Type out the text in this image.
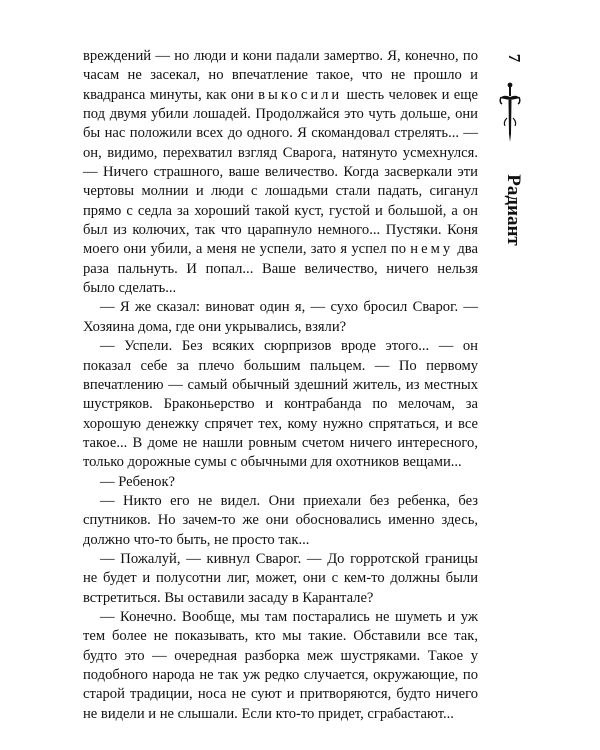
вреждений — но люди и кони падали замертво. Я, конечно, по часам не засекал, но впечатление такое, что не прошло и квадранса минуты, как они выкосили шесть человек и еще под двумя убили лошадей. Продолжайся это чуть дольше, они бы нас положили всех до одного. Я скомандовал стрелять... — он, видимо, перехватил взгляд Сварога, натянуто усмехнулся. — Ничего страшного, ваше величество. Когда засверкали эти чертовы молнии и люди с лошадьми стали падать, сиганул прямо с седла за хороший такой куст, густой и большой, а он был из колючих, так что царапнуло немного... Пустяки. Коня моего они убили, а меня не успели, зато я успел по нему два раза пальнуть. И попал... Ваше величество, ничего нельзя было сделать...

— Я же сказал: виноват один я, — сухо бросил Сварог. — Хозяина дома, где они укрывались, взяли?

— Успели. Без всяких сюрпризов вроде этого... — он показал себе за плечо большим пальцем. — По первому впечатлению — самый обычный здешний житель, из местных шустряков. Браконьерство и контрабанда по мелочам, за хорошую денежку спрячет тех, кому нужно спрятаться, и все такое... В доме не нашли ровным счетом ничего интересного, только дорожные сумы с обычными для охотников вещами...

— Ребенок?

— Никто его не видел. Они приехали без ребенка, без спутников. Но зачем-то же они обосновались именно здесь, должно что-то быть, не просто так...

— Пожалуй, — кивнул Сварог. — До горротской границы не будет и полусотни лиг, может, они с кем-то должны были встретиться. Вы оставили засаду в Карантале?

— Конечно. Вообще, мы там постарались не шуметь и уж тем более не показывать, кто мы такие. Обставили все так, будто это — очередная разборка меж шустряками. Такое у подобного народа не так уж редко случается, окружающие, по старой традиции, носа не суют и притворяются, будто ничего не видели и не слышали. Если кто-то придет, сграбастают...

7
Радиант
